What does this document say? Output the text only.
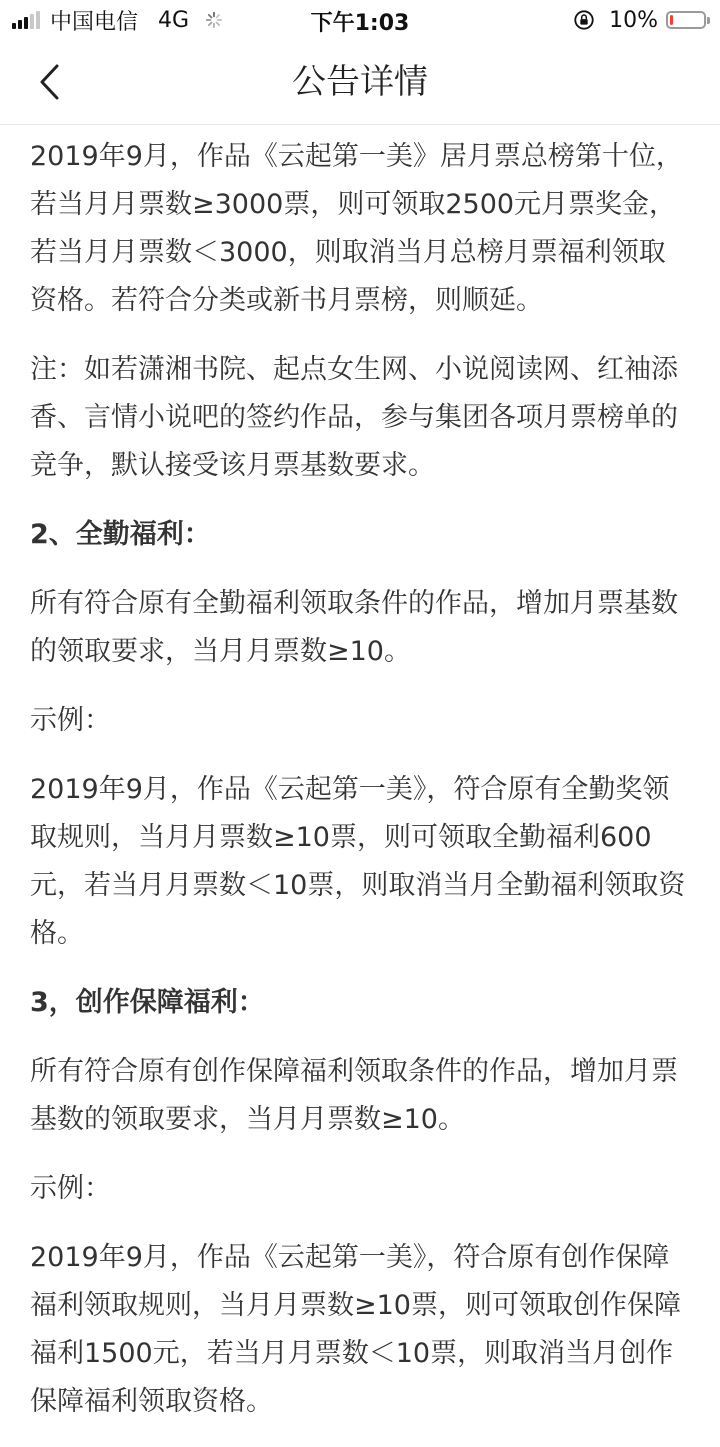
中国电信 4G	下午1:03	10%
公告详情

2019年9月，作品《云起第一美》居月票总榜第十位，若当月月票数≥3000票，则可领取2500元月票奖金，若当月月票数＜3000，则取消当月总榜月票福利领取资格。若符合分类或新书月票榜，则顺延。

注：如若潇湘书院、起点女生网、小说阅读网、红袖添香、言情小说吧的签约作品，参与集团各项月票榜单的竞争，默认接受该月票基数要求。

2、全勤福利：

所有符合原有全勤福利领取条件的作品，增加月票基数的领取要求，当月月票数≥10。

示例：

2019年9月，作品《云起第一美》，符合原有全勤奖领取规则，当月月票数≥10票，则可领取全勤福利600元，若当月月票数＜10票，则取消当月全勤福利领取资格。

3，创作保障福利：

所有符合原有创作保障福利领取条件的作品，增加月票基数的领取要求，当月月票数≥10。

示例：

2019年9月，作品《云起第一美》，符合原有创作保障福利领取规则，当月月票数≥10票，则可领取创作保障福利1500元，若当月月票数＜10票，则取消当月创作保障福利领取资格。
